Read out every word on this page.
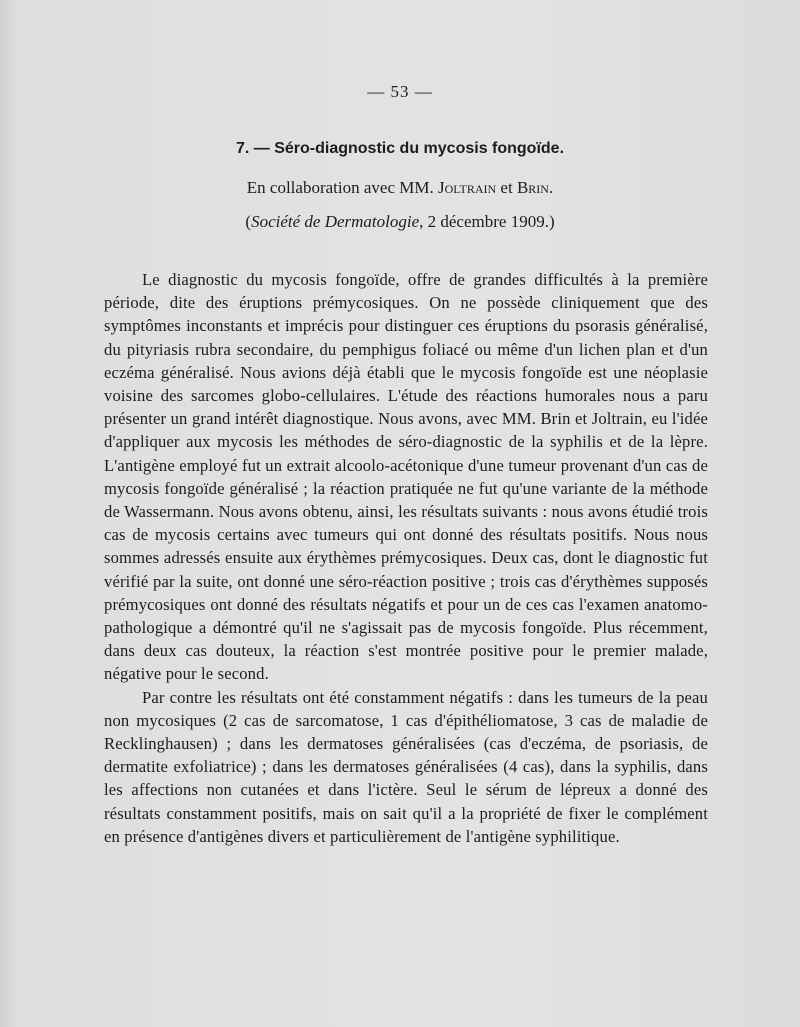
— 53 —
7. — Séro-diagnostic du mycosis fongoïde.
En collaboration avec MM. Joltrain et Brin.
(Société de Dermatologie, 2 décembre 1909.)

Le diagnostic du mycosis fongoïde, offre de grandes difficultés à la première période, dite des éruptions prémycosiques. On ne possède cliniquement que des symptômes inconstants et imprécis pour distinguer ces éruptions du psorasis généralisé, du pityriasis rubra secondaire, du pemphigus foliacé ou même d'un lichen plan et d'un eczéma généralisé. Nous avions déjà établi que le mycosis fongoïde est une néoplasie voisine des sarcomes globo-cellulaires. L'étude des réactions humorales nous a paru présenter un grand intérêt diagnostique. Nous avons, avec MM. Brin et Joltrain, eu l'idée d'appliquer aux mycosis les méthodes de séro-diagnostic de la syphilis et de la lèpre. L'antigène employé fut un extrait alcoolo-acétonique d'une tumeur provenant d'un cas de mycosis fongoïde généralisé ; la réaction pratiquée ne fut qu'une variante de la méthode de Wassermann. Nous avons obtenu, ainsi, les résultats suivants : nous avons étudié trois cas de mycosis certains avec tumeurs qui ont donné des résultats positifs. Nous nous sommes adressés ensuite aux érythèmes prémycosiques. Deux cas, dont le diagnostic fut vérifié par la suite, ont donné une séro-réaction positive ; trois cas d'érythèmes supposés prémycosiques ont donné des résultats négatifs et pour un de ces cas l'examen anatomo-pathologique a démontré qu'il ne s'agissait pas de mycosis fongoïde. Plus récemment, dans deux cas douteux, la réaction s'est montrée positive pour le premier malade, négative pour le second.

Par contre les résultats ont été constamment négatifs : dans les tumeurs de la peau non mycosiques (2 cas de sarcomatose, 1 cas d'épithéliomatose, 3 cas de maladie de Recklinghausen) ; dans les dermatoses généralisées (cas d'eczéma, de psoriasis, de dermatite exfoliatrice) ; dans les dermatoses généralisées (4 cas), dans la syphilis, dans les affections non cutanées et dans l'ictère. Seul le sérum de lépreux a donné des résultats constamment positifs, mais on sait qu'il a la propriété de fixer le complément en présence d'antigènes divers et particulièrement de l'antigène syphilitique.
